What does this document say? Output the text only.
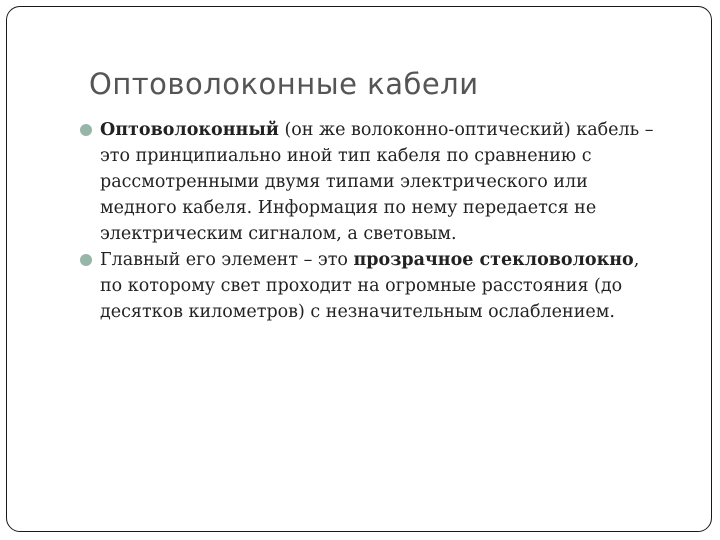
Оптоволоконные кабели
Оптоволоконный (он же волоконно-оптический) кабель – это принципиально иной тип кабеля по сравнению с рассмотренными двумя типами электрического или медного кабеля. Информация по нему передается не электрическим сигналом, а световым.
Главный его элемент – это прозрачное стекловолокно, по которому свет проходит на огромные расстояния (до десятков километров) с незначительным ослаблением.
